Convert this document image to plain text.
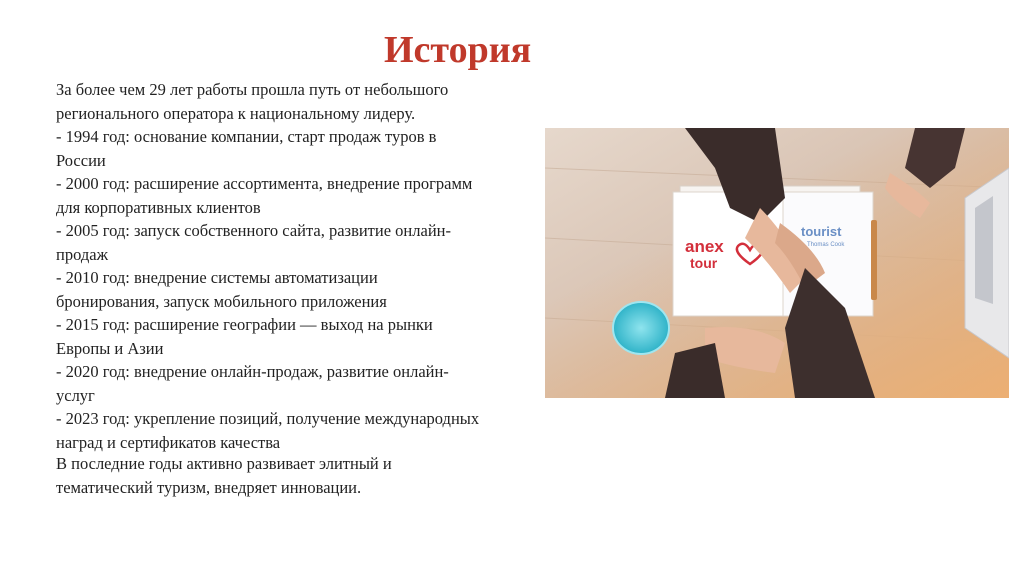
История
За более чем 29 лет работы прошла путь от небольшого
регионального оператора к национальному лидеру.
- 1994 год: основание компании, старт продаж туров в
России
- 2000 год: расширение ассортимента, внедрение программ
для корпоративных клиентов
- 2005 год: запуск собственного сайта, развитие онлайн-
продаж
- 2010 год: внедрение системы автоматизации
бронирования, запуск мобильного приложения
- 2015 год: расширение географии — выход на рынки
Европы и Азии
- 2020 год: внедрение онлайн-продаж, развитие онлайн-
услуг
- 2023 год: укрепление позиций, получение международных
наград и сертификатов качества
В последние годы активно развивает элитный и
тематический туризм, внедряет инновации.
anex
tour
tourist
Thomas Cook
